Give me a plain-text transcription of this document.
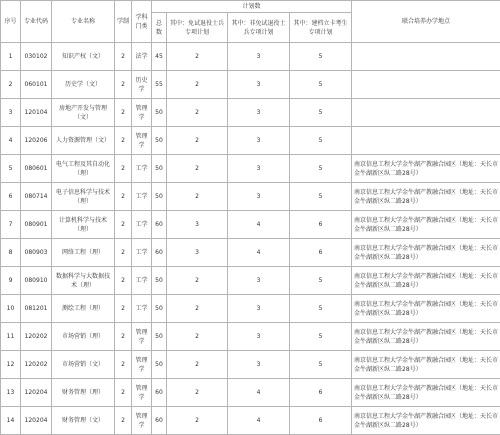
序号	专业代码	专业名称	学制	学科门类	计划数				联合培养办学地点
					总数	其中：免试退役士兵专项计划	其中：非免试退役士兵专项计划	其中：建档立卡考生专项计划	
1	030102	知识产权（文）	2	法学	45	2	3	5	
2	060101	历史学（文）	2	历史学	55	2	3	5	
3	120104	房地产开发与管理（文）	2	管理学	50	2	3	5	
4	120206	人力资源管理（文）	2	管理学	50	2	3	5	
5	080601	电气工程及其自动化（理）	2	工学	50	2	3	5	南京信息工程大学金牛湖产教融合园区（地址：天长市金牛湖新区纵二路28号）
6	080714	电子信息科学与技术（理）	2	工学	50	2	3	5	南京信息工程大学金牛湖产教融合园区（地址：天长市金牛湖新区纵二路28号）
7	080901	计算机科学与技术（理）	2	工学	60	3	4	6	南京信息工程大学金牛湖产教融合园区（地址：天长市金牛湖新区纵二路28号）
8	080903	网络工程（理）	2	工学	60	3	4	6	南京信息工程大学金牛湖产教融合园区（地址：天长市金牛湖新区纵二路28号）
9	080910	数据科学与大数据技术（理）	2	工学	50	2	3	5	南京信息工程大学金牛湖产教融合园区（地址：天长市金牛湖新区纵二路28号）
10	081201	测绘工程（理）	2	工学	50	2	3	5	南京信息工程大学金牛湖产教融合园区（地址：天长市金牛湖新区纵二路28号）
11	120202	市场营销（理）	2	管理学	50	2	3	5	南京信息工程大学金牛湖产教融合园区（地址：天长市金牛湖新区纵二路28号）
12	120202	市场营销（文）	2	管理学	50	2	3	5	南京信息工程大学金牛湖产教融合园区（地址：天长市金牛湖新区纵二路28号）
13	120204	财务管理（理）	2	管理学	60	2	4	6	南京信息工程大学金牛湖产教融合园区（地址：天长市金牛湖新区纵二路28号）
14	120204	财务管理（文）	2	管理学	60	2	4	6	南京信息工程大学金牛湖产教融合园区（地址：天长市金牛湖新区纵二路28号）
